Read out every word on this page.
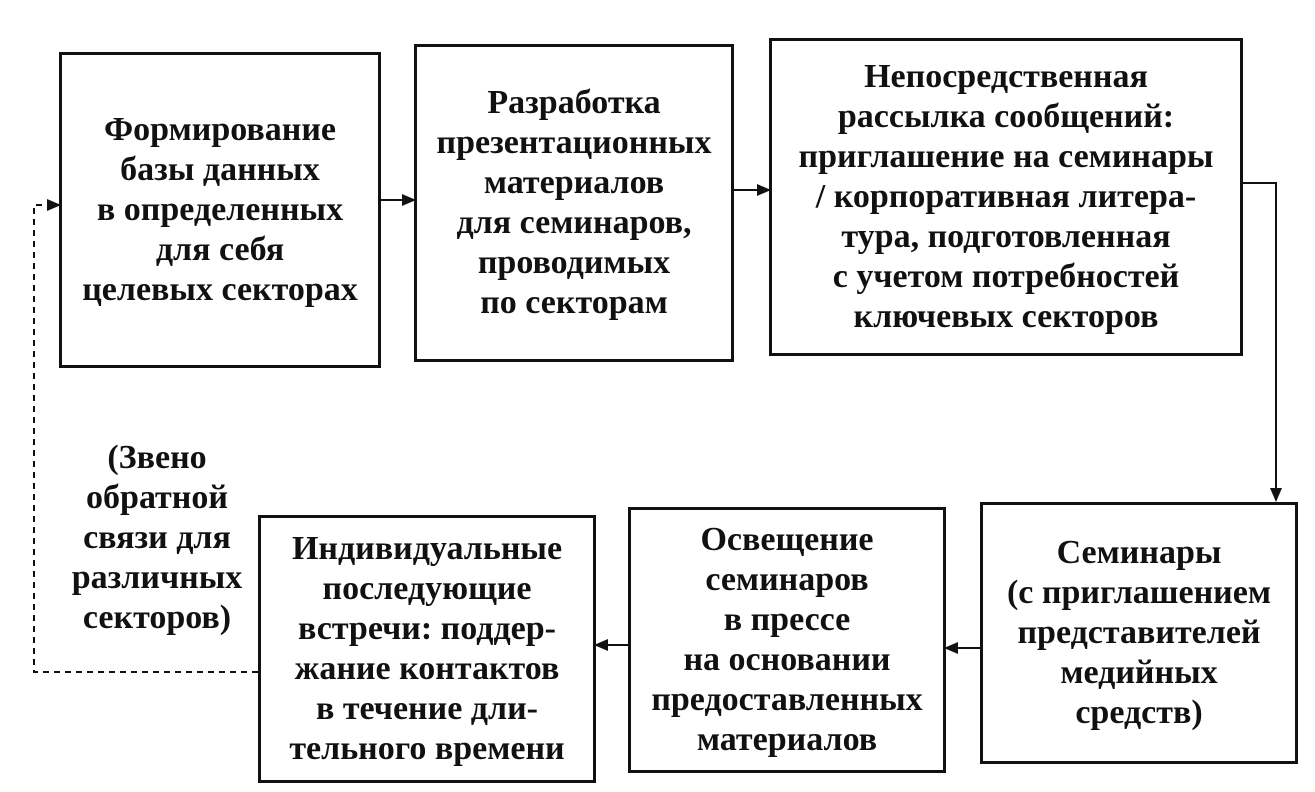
Формирование
базы данных
в определенных
для себя
целевых секторах
Разработка
презентационных
материалов
для семинаров,
проводимых
по секторам
Непосредственная
рассылка сообщений:
приглашение на семинары
/ корпоративная литера-
тура, подготовленная
с учетом потребностей
ключевых секторов
Семинары
(с приглашением
представителей
медийных
средств)
Освещение
семинаров
в прессе
на основании
предоставленных
материалов
Индивидуальные
последующие
встречи: поддер-
жание контактов
в течение дли-
тельного времени
(Звено
обратной
связи для
различных
секторов)
